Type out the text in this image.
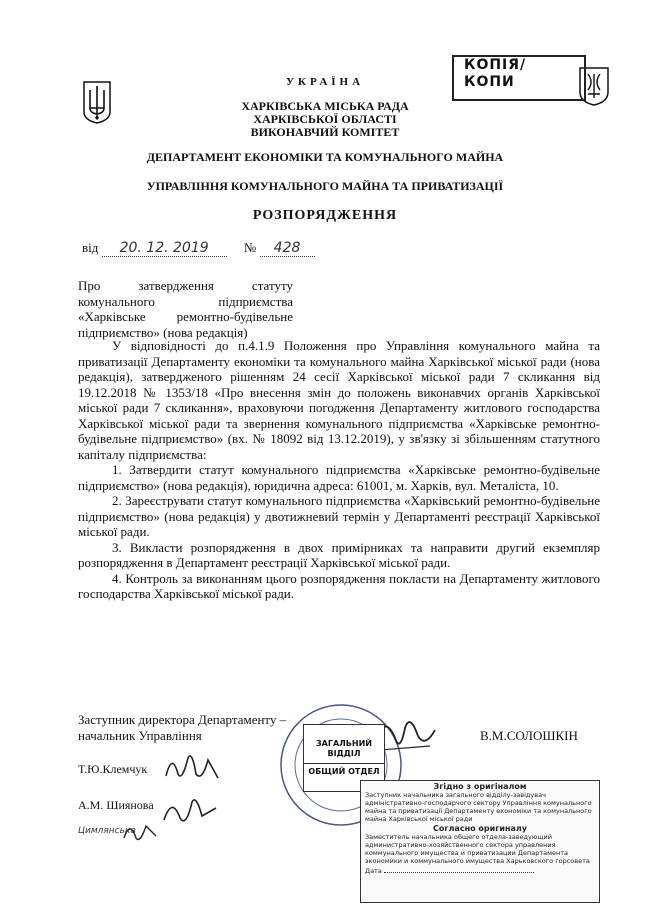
КОПІЯ/
КОПИ
УКРАЇНА
ХАРКІВСЬКА МІСЬКА РАДА
ХАРКІВСЬКОЇ ОБЛАСТІ
ВИКОНАВЧИЙ КОМІТЕТ
ДЕПАРТАМЕНТ ЕКОНОМІКИ ТА КОМУНАЛЬНОГО МАЙНА
УПРАВЛІННЯ КОМУНАЛЬНОГО МАЙНА ТА ПРИВАТИЗАЦІЇ
РОЗПОРЯДЖЕННЯ
від 20. 12. 2019	№ 428
Про затвердження статуту комунального підприємства «Харківське ремонтно-будівельне підприємство» (нова редакція)

У відповідності до п.4.1.9 Положення про Управління комунального майна та приватизації Департаменту економіки та комунального майна Харківської міської ради (нова редакція), затвердженого рішенням 24 сесії Харківської міської ради 7 скликання від 19.12.2018 № 1353/18 «Про внесення змін до положень виконавчих органів Харківської міської ради 7 скликання», враховуючи погодження Департаменту житлового господарства Харківської міської ради та звернення комунального підприємства «Харківське ремонтно-будівельне підприємство» (вх. № 18092 від 13.12.2019), у зв'язку зі збільшенням статутного капіталу підприємства:

1. Затвердити статут комунального підприємства «Харківське ремонтно-будівельне підприємство» (нова редакція), юридична адреса: 61001, м. Харків, вул. Металіста, 10.

2. Зареєструвати статут комунального підприємства «Харківський ремонтно-будівельне підприємство» (нова редакція) у двотижневий термін у Департаменті реєстрації Харківської міської ради.

3. Викласти розпорядження в двох примірниках та направити другий екземпляр розпорядження в Департамент реєстрації Харківської міської ради.

4. Контроль за виконанням цього розпорядження покласти на Департаменту житлового господарства Харківської міської ради.

Заступник директора Департаменту –
начальник Управління	В.М.СОЛОШКІН
ЗАГАЛЬНИЙ
ВІДДІЛ
ОБЩИЙ ОТДЕЛ
Т.Ю.Клемчук
А.М. Шиянова
Цимлянська
Згідно з оригіналом
Заступник начальника загального відділу-завідувач адміністративно-господарчого сектору Управління комунального майна та приватизації Департаменту економіки та комунального майна Харківської міської ради
Согласно оригиналу
Заместитель начальника общего отдела-заведующий административно-хозяйственного сектора управления коммунального имущества и приватизации Департамента экономики и коммунального имущества Харьковского горсовета
Дата
